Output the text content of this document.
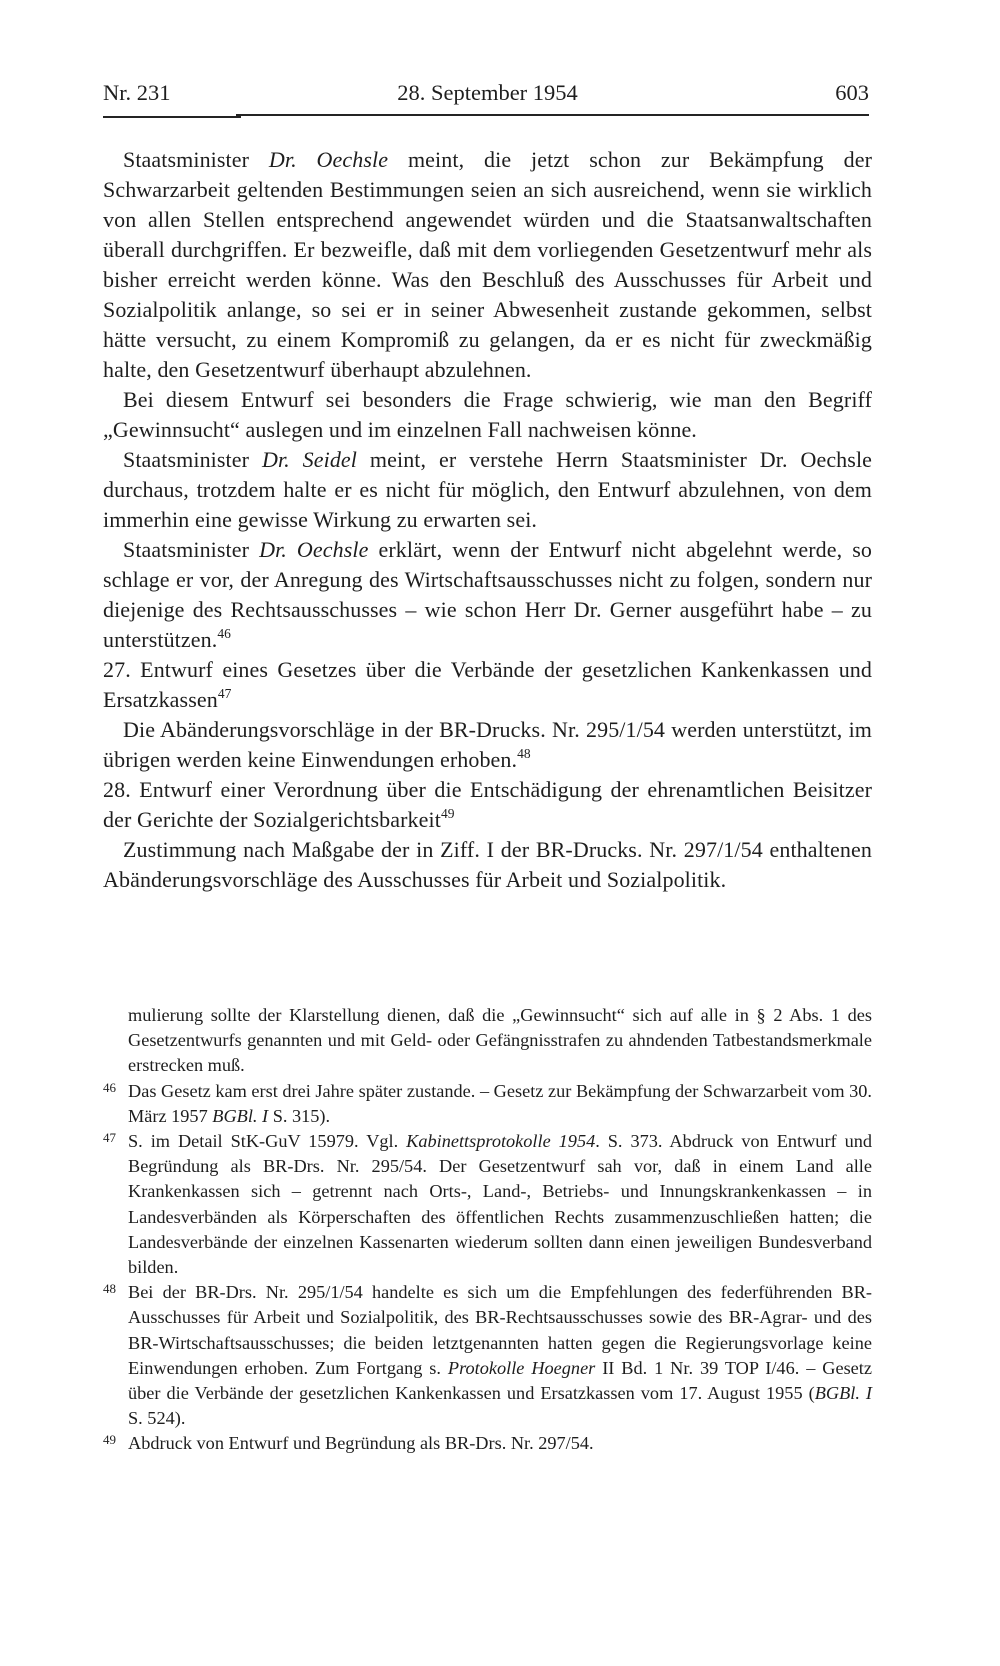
Nr. 231	28. September 1954	603

Staatsminister Dr. Oechsle meint, die jetzt schon zur Bekämpfung der Schwarzarbeit geltenden Bestimmungen seien an sich ausreichend, wenn sie wirklich von allen Stellen entsprechend angewendet würden und die Staatsanwaltschaften überall durchgriffen. Er bezweifle, daß mit dem vorliegenden Gesetzentwurf mehr als bisher erreicht werden könne. Was den Beschluß des Ausschusses für Arbeit und Sozialpolitik anlange, so sei er in seiner Abwesenheit zustande gekommen, selbst hätte versucht, zu einem Kompromiß zu gelangen, da er es nicht für zweckmäßig halte, den Gesetzentwurf überhaupt abzulehnen.

Bei diesem Entwurf sei besonders die Frage schwierig, wie man den Begriff „Gewinnsucht“ auslegen und im einzelnen Fall nachweisen könne.

Staatsminister Dr. Seidel meint, er verstehe Herrn Staatsminister Dr. Oechsle durchaus, trotzdem halte er es nicht für möglich, den Entwurf abzulehnen, von dem immerhin eine gewisse Wirkung zu erwarten sei.

Staatsminister Dr. Oechsle erklärt, wenn der Entwurf nicht abgelehnt werde, so schlage er vor, der Anregung des Wirtschaftsausschusses nicht zu folgen, sondern nur diejenige des Rechtsausschusses – wie schon Herr Dr. Gerner ausgeführt habe – zu unterstützen.$^{46}$

27. Entwurf eines Gesetzes über die Verbände der gesetzlichen Kankenkassen und Ersatzkassen$^{47}$

Die Abänderungsvorschläge in der BR-Drucks. Nr. 295/1/54 werden unterstützt, im übrigen werden keine Einwendungen erhoben.$^{48}$

28. Entwurf einer Verordnung über die Entschädigung der ehrenamtlichen Beisitzer der Gerichte der Sozialgerichtsbarkeit$^{49}$

Zustimmung nach Maßgabe der in Ziff. I der BR-Drucks. Nr. 297/1/54 enthaltenen Abänderungsvorschläge des Ausschusses für Arbeit und Sozialpolitik.

mulierung sollte der Klarstellung dienen, daß die „Gewinnsucht“ sich auf alle in § 2 Abs. 1 des Gesetzentwurfs genannten und mit Geld- oder Gefängnisstrafen zu ahndenden Tatbestandsmerkmale erstrecken muß.

46 Das Gesetz kam erst drei Jahre später zustande. – Gesetz zur Bekämpfung der Schwarzarbeit vom 30. März 1957 BGBl. I S. 315).

47 S. im Detail StK-GuV 15979. Vgl. Kabinettsprotokolle 1954. S. 373. Abdruck von Entwurf und Begründung als BR-Drs. Nr. 295/54. Der Gesetzentwurf sah vor, daß in einem Land alle Krankenkassen sich – getrennt nach Orts-, Land-, Betriebs- und Innungskrankenkassen – in Landesverbänden als Körperschaften des öffentlichen Rechts zusammenzuschließen hatten; die Landesverbände der einzelnen Kassenarten wiederum sollten dann einen jeweiligen Bundesverband bilden.

48 Bei der BR-Drs. Nr. 295/1/54 handelte es sich um die Empfehlungen des federführenden BR-Ausschusses für Arbeit und Sozialpolitik, des BR-Rechtsausschusses sowie des BR-Agrar- und des BR-Wirtschaftsausschusses; die beiden letztgenannten hatten gegen die Regierungsvorlage keine Einwendungen erhoben. Zum Fortgang s. Protokolle Hoegner II Bd. 1 Nr. 39 TOP I/46. – Gesetz über die Verbände der gesetzlichen Kankenkassen und Ersatzkassen vom 17. August 1955 (BGBl. I S. 524).

49 Abdruck von Entwurf und Begründung als BR-Drs. Nr. 297/54.
